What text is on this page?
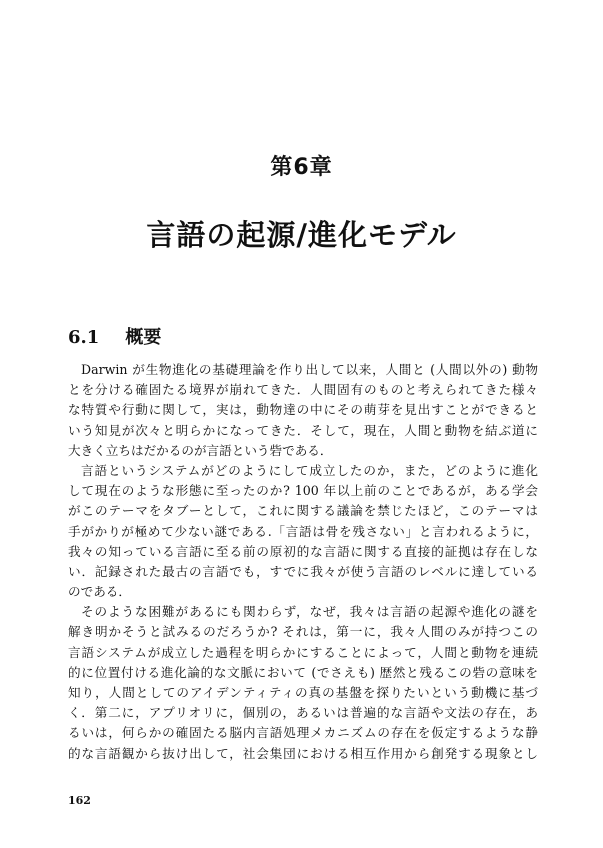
第6章
言語の起源/進化モデル
6.1 概要
Darwin が生物進化の基礎理論を作り出して以来，人間と (人間以外の) 動物
とを分ける確固たる境界が崩れてきた．人間固有のものと考えられてきた様々
な特質や行動に関して，実は，動物達の中にその萌芽を見出すことができると
いう知見が次々と明らかになってきた．そして，現在，人間と動物を結ぶ道に
大きく立ちはだかるのが言語という砦である．
言語というシステムがどのようにして成立したのか，また，どのように進化
して現在のような形態に至ったのか? 100 年以上前のことであるが，ある学会
がこのテーマをタブーとして，これに関する議論を禁じたほど，このテーマは
手がかりが極めて少ない謎である.「言語は骨を残さない」と言われるように，
我々の知っている言語に至る前の原初的な言語に関する直接的証拠は存在しな
い．記録された最古の言語でも，すでに我々が使う言語のレベルに達している
のである．
そのような困難があるにも関わらず，なぜ，我々は言語の起源や進化の謎を
解き明かそうと試みるのだろうか? それは，第一に，我々人間のみが持つこの
言語システムが成立した過程を明らかにすることによって，人間と動物を連続
的に位置付ける進化論的な文脈において (でさえも) 歴然と残るこの砦の意味を
知り，人間としてのアイデンティティの真の基盤を探りたいという動機に基づ
く．第二に，アプリオリに，個別の，あるいは普遍的な言語や文法の存在，あ
るいは，何らかの確固たる脳内言語処理メカニズムの存在を仮定するような静
的な言語観から抜け出して，社会集団における相互作用から創発する現象とし
162
